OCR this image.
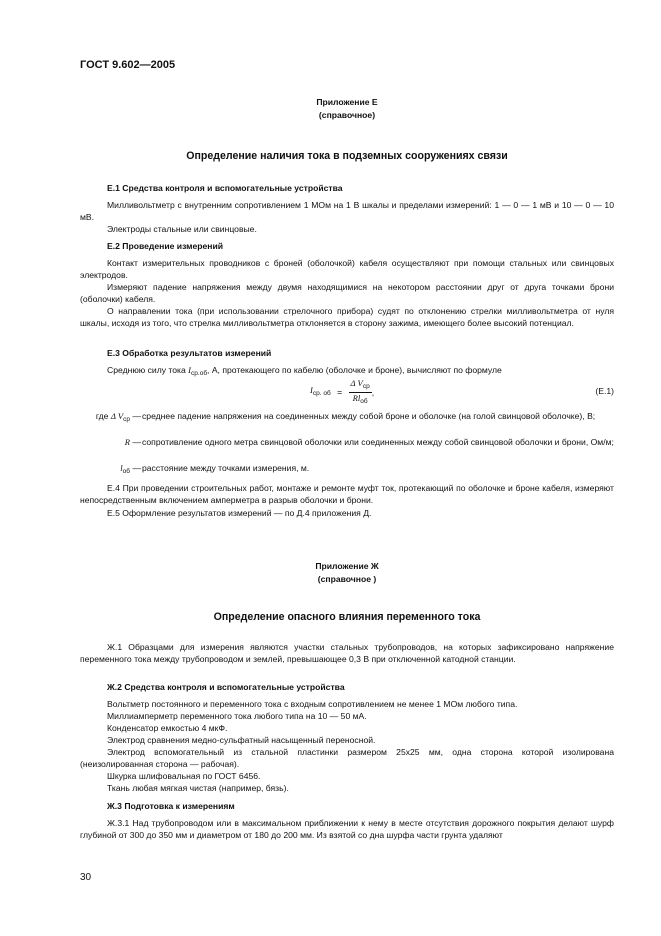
ГОСТ 9.602—2005
Приложение Е
(справочное)
Определение наличия тока в подземных сооружениях связи
Е.1 Средства контроля и вспомогательные устройства

Милливольтметр с внутренним сопротивлением 1 МОм на 1 В шкалы и пределами измерений: 1 — 0 — 1 мВ и 10 — 0 — 10 мВ.

Электроды стальные или свинцовые.

Е.2 Проведение измерений

Контакт измерительных проводников с броней (оболочкой) кабеля осуществляют при помощи стальных или свинцовых электродов.

Измеряют падение напряжения между двумя находящимися на некотором расстоянии друг от друга точками брони (оболочки) кабеля.

О направлении тока (при использовании стрелочного прибора) судят по отклонению стрелки милливольтметра от нуля шкалы, исходя из того, что стрелка милливольтметра отклоняется в сторону зажима, имеющего более высокий потенциал.

Е.3 Обработка результатов измерений
Среднюю силу тока $I_{ср.об}$, А, протекающего по кабелю (оболочке и броне), вычисляют по формуле
$I_{ср. об} = \frac{\Delta V_{ср}}{Rl_{об}}$ ,	(Е.1)
где Δ $V_{ср}$ — среднее падение напряжения на соединенных между собой броне и оболочке (на голой свинцовой оболочке), В;
R — сопротивление одного метра свинцовой оболочки или соединенных между собой свинцовой оболочки и брони, Ом/м;
$l_{об}$ — расстояние между точками измерения, м.

Е.4 При проведении строительных работ, монтаже и ремонте муфт ток, протекающий по оболочке и броне кабеля, измеряют непосредственным включением амперметра в разрыв оболочки и брони.

Е.5 Оформление результатов измерений — по Д.4 приложения Д.

Приложение Ж
(справочное )
Определение опасного влияния переменного тока

Ж.1 Образцами для измерения являются участки стальных трубопроводов, на которых зафиксировано напряжение переменного тока между трубопроводом и землей, превышающее 0,3 В при отключенной катодной станции.

Ж.2 Средства контроля и вспомогательные устройства

Вольтметр постоянного и переменного тока с входным сопротивлением не менее 1 МОм любого типа.

Миллиамперметр переменного тока любого типа на 10 — 50 мА.

Конденсатор емкостью 4 мкФ.

Электрод сравнения медно-сульфатный насыщенный переносной.

Электрод вспомогательный из стальной пластинки размером 25х25 мм, одна сторона которой изолирована (неизолированная сторона — рабочая).

Шкурка шлифовальная по ГОСТ 6456.

Ткань любая мягкая чистая (например, бязь).

Ж.3 Подготовка к измерениям

Ж.3.1 Над трубопроводом или в максимальном приближении к нему в месте отсутствия дорожного покрытия делают шурф глубиной от 300 до 350 мм и диаметром от 180 до 200 мм. Из взятой со дна шурфа части грунта удаляют

30
